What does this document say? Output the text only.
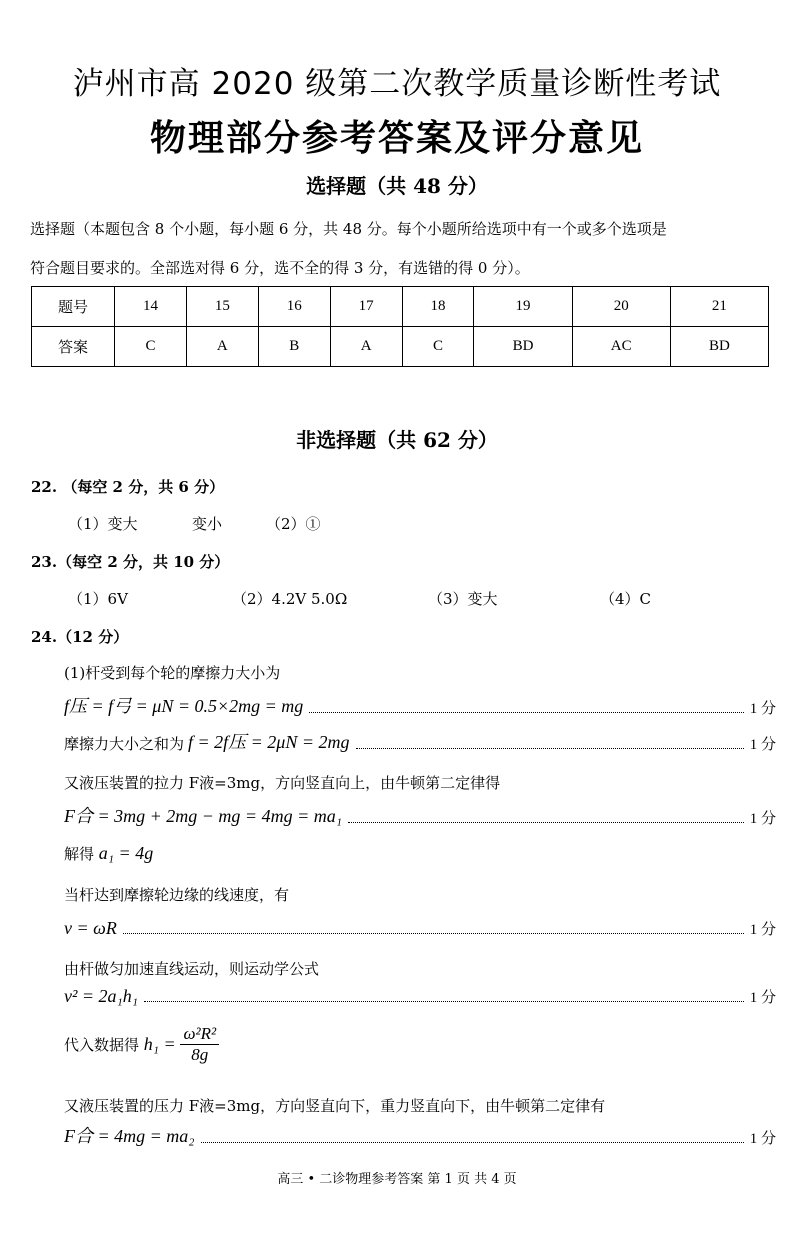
泸州市高 2020 级第二次教学质量诊断性考试
物理部分参考答案及评分意见
选择题（共 48 分）
选择题（本题包含 8 个小题，每小题 6 分，共 48 分。每个小题所给选项中有一个或多个选项是
符合题目要求的。全部选对得 6 分，选不全的得 3 分，有选错的得 0 分）。
题号	14	15	16	17	18	19	20	21
答案	C	A	B	A	C	BD	AC	BD
非选择题（共 62 分）
22. （每空 2 分，共 6 分）
（1）变大	变小	（2）①
23.（每空 2 分，共 10 分）
（1）6V	（2）4.2V 5.0Ω	（3）变大	（4）C
24.（12 分）
(1)杆受到每个轮的摩擦力大小为
f压 = f弓 = μN = 0.5×2mg = mg	1 分
摩擦力大小之和为
f = 2f压 = 2μN = 2mg	1 分
又液压装置的拉力 F液=3mg，方向竖直向上，由牛顿第二定律得
F合 = 3mg + 2mg − mg = 4mg = ma₁	1 分
解得 a₁ = 4g
当杆达到摩擦轮边缘的线速度，有
v = ωR	1 分
由杆做匀加速直线运动，则运动学公式
v² = 2a₁h₁	1 分
代入数据得 $h_1 = \frac{\text{ω²R²}}{8g}$
又液压装置的压力 F液=3mg，方向竖直向下，重力竖直向下，由牛顿第二定律有
F合 = 4mg = ma₂	1 分
高三 • 二诊物理参考答案 第 1 页 共 4 页
